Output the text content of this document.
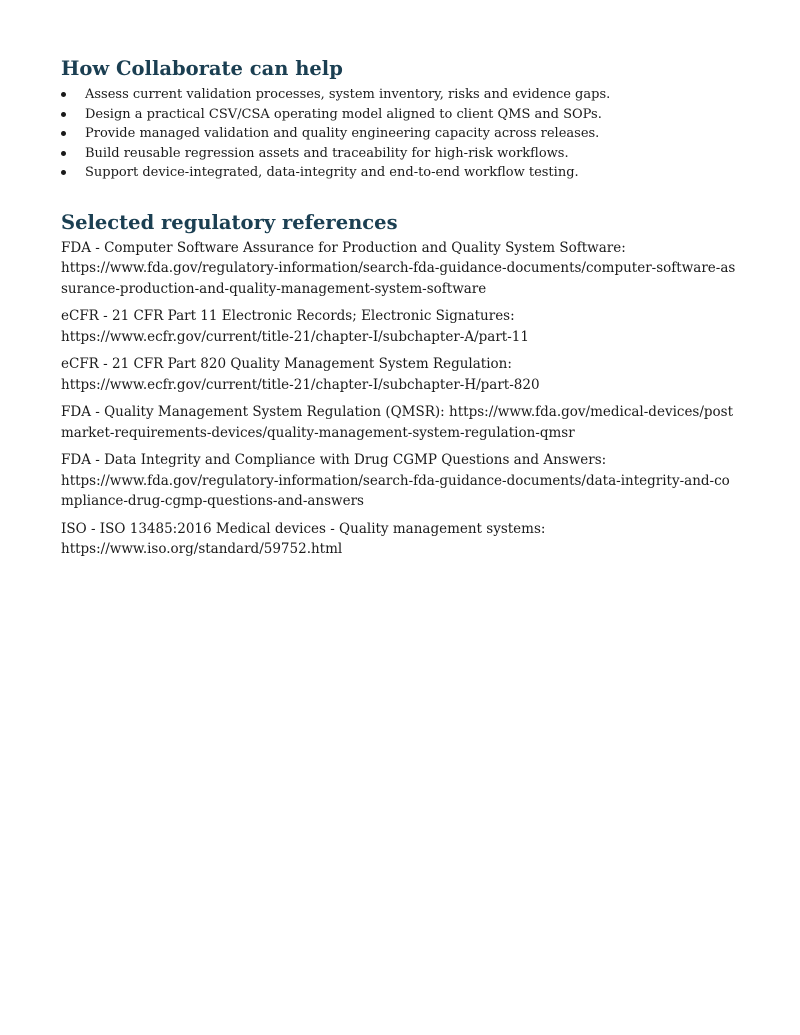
How Collaborate can help
Assess current validation processes, system inventory, risks and evidence gaps.
Design a practical CSV/CSA operating model aligned to client QMS and SOPs.
Provide managed validation and quality engineering capacity across releases.
Build reusable regression assets and traceability for high-risk workflows.
Support device-integrated, data-integrity and end-to-end workflow testing.
Selected regulatory references

FDA - Computer Software Assurance for Production and Quality System Software:
https://www.fda.gov/regulatory-information/search-fda-guidance-documents/computer-software-assurance-production-and-quality-management-system-software

eCFR - 21 CFR Part 11 Electronic Records; Electronic Signatures:
https://www.ecfr.gov/current/title-21/chapter-I/subchapter-A/part-11

eCFR - 21 CFR Part 820 Quality Management System Regulation:
https://www.ecfr.gov/current/title-21/chapter-I/subchapter-H/part-820

FDA - Quality Management System Regulation (QMSR): https://www.fda.gov/medical-devices/postmarket-requirements-devices/quality-management-system-regulation-qmsr

FDA - Data Integrity and Compliance with Drug CGMP Questions and Answers:
https://www.fda.gov/regulatory-information/search-fda-guidance-documents/data-integrity-and-compliance-drug-cgmp-questions-and-answers

ISO - ISO 13485:2016 Medical devices - Quality management systems:
https://www.iso.org/standard/59752.html
